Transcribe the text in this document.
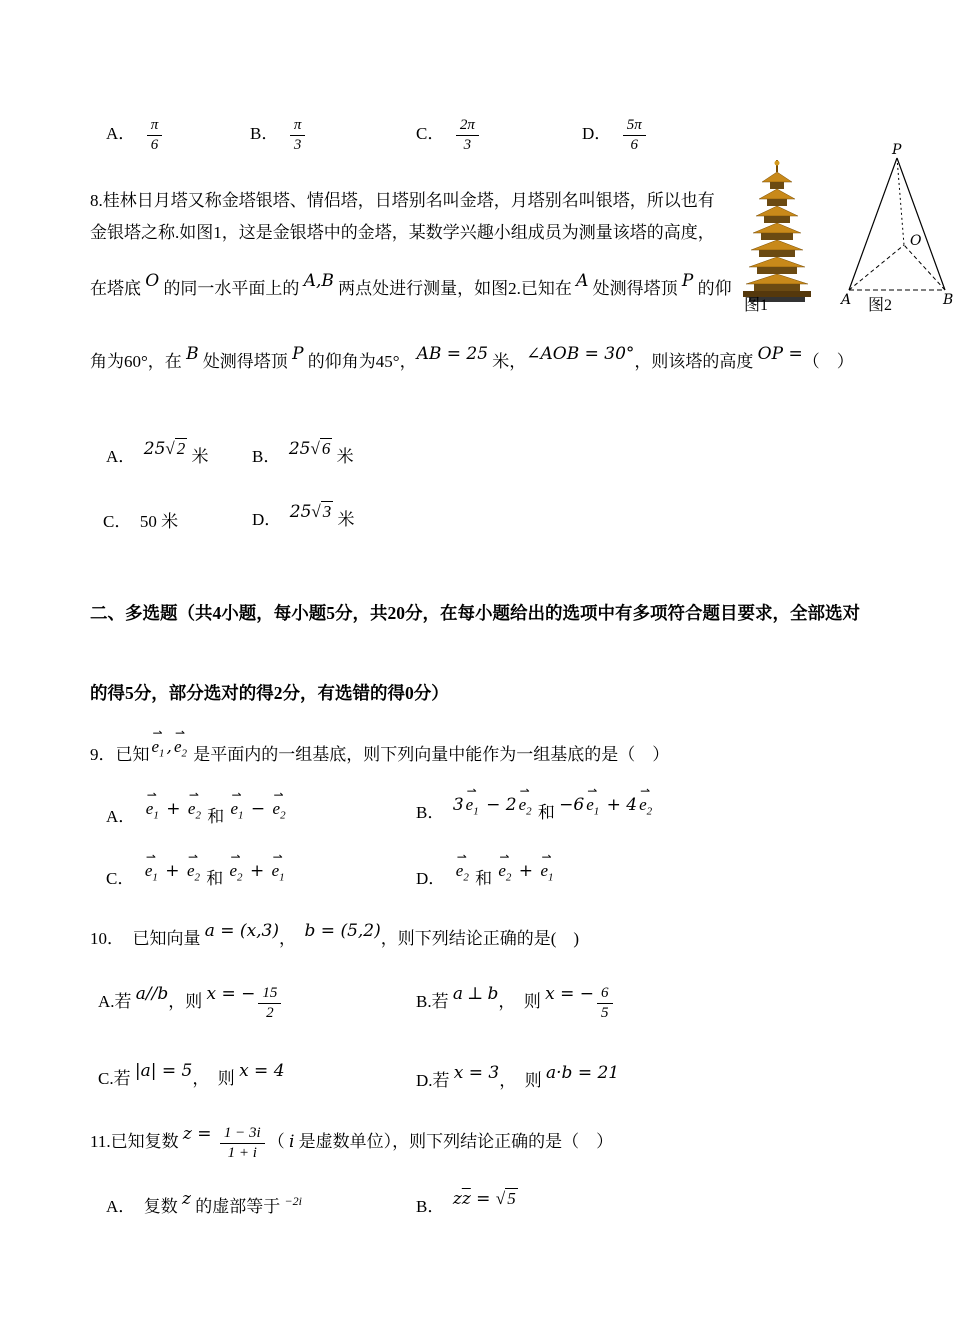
A． $\frac{\pi}{6}$	B． $\frac{\pi}{3}$	C． $\frac{2\pi}{3}$	D． $\frac{5\pi}{6}$
8.桂林日月塔又称金塔银塔、情侣塔，日塔别名叫金塔，月塔别名叫银塔，所以也有
金银塔之称.如图1，这是金银塔中的金塔，某数学兴趣小组成员为测量该塔的高度，
在塔底 O 的同一水平面上的 A,B 两点处进行测量，如图2.已知在 A 处测得塔顶 P 的仰
角为60°，在 B 处测得塔顶 P 的仰角为45°，AB = 25 米，∠AOB = 30°，则该塔的高度 OP =（　）

图1

P
O
A	B

图2
A．  25√ 2 米	B．  25√ 6 米
C．  50 米	D．  25√ 3 米
二、多选题（共4小题，每小题5分，共20分，在每小题给出的选项中有多项符合题目要求，全部选对
的得5分，部分选对的得2分，有选错的得0分）
9．已知 ⇀ $e_1$ , ⇀ $e_2$ 是平面内的一组基底，则下列向量中能作为一组基底的是（　）
A．  ⇀ $e_1$ + ⇀ $e_2$ 和 ⇀ $e_1$ − ⇀ $e_2$	B．  3 ⇀ $e_1 - 2$ ⇀ $e_2$ 和 −6 ⇀ $e_1 + 4$ ⇀ $e_2$
C．  ⇀ $e_1$ + ⇀ $e_2$ 和 ⇀ $e_2$ + ⇀ $e_1$	D．  ⇀ $e_2$ 和 ⇀ $e_2$ + ⇀ $e_1$
10．  已知向量 a = (x,3)，  b = (5,2)，则下列结论正确的是(　)
A.若 a//b，则 x = − $\frac{15}{2}$	B.若 a ⊥ b，  则 x = − $\frac{6}{5}$
C.若 |a| = 5，  则 x = 4	D.若 x = 3，  则 a·b = 21
11.已知复数 $z = \frac{1 - 3i}{1 + i}$ （ i 是虚数单位），则下列结论正确的是（　）
A．  复数 z 的虚部等于 $^{-2i}$	B．  $z\overline{z}$ = √ 5
